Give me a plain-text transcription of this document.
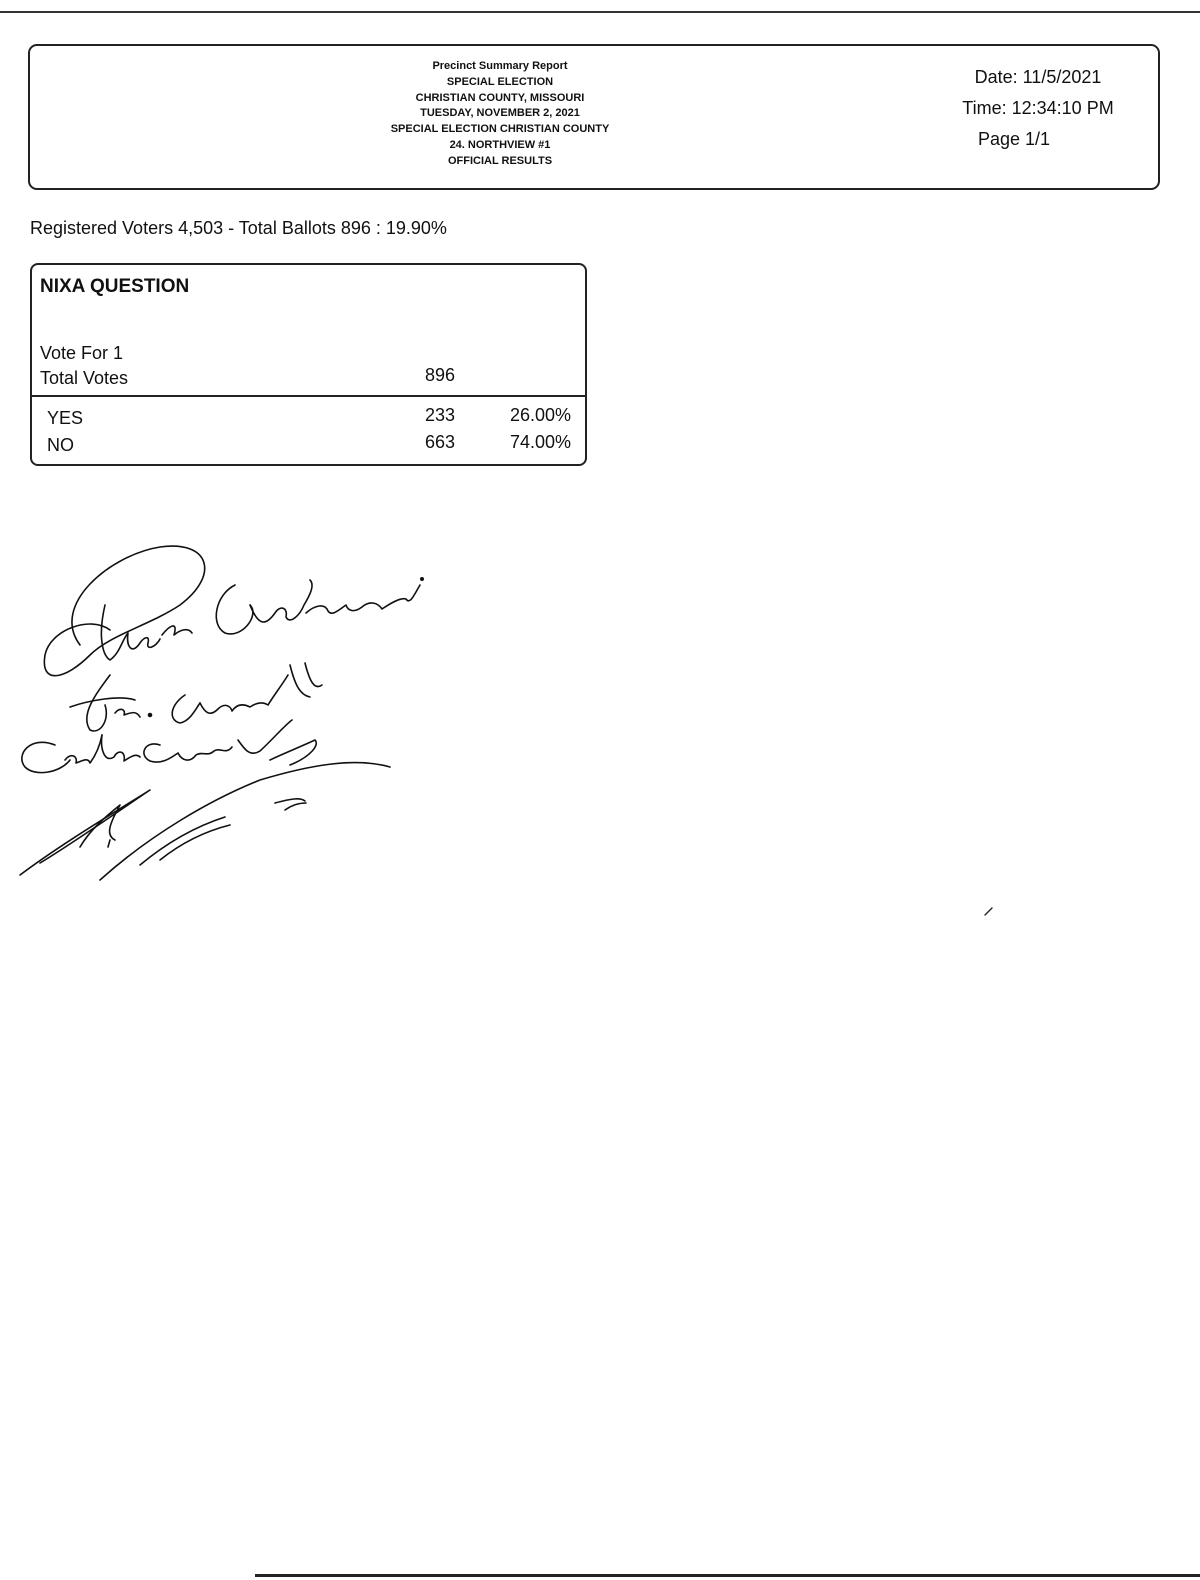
Precinct Summary Report
SPECIAL ELECTION
CHRISTIAN COUNTY, MISSOURI
TUESDAY, NOVEMBER 2, 2021
SPECIAL ELECTION CHRISTIAN COUNTY
24. NORTHVIEW #1
OFFICIAL RESULTS
Date: 11/5/2021
Time: 12:34:10 PM
Page 1/1
Registered Voters 4,503 - Total Ballots 896 : 19.90%
NIXA QUESTION
Vote For 1
Total Votes	896
YES	233	26.00%
NO	663	74.00%
